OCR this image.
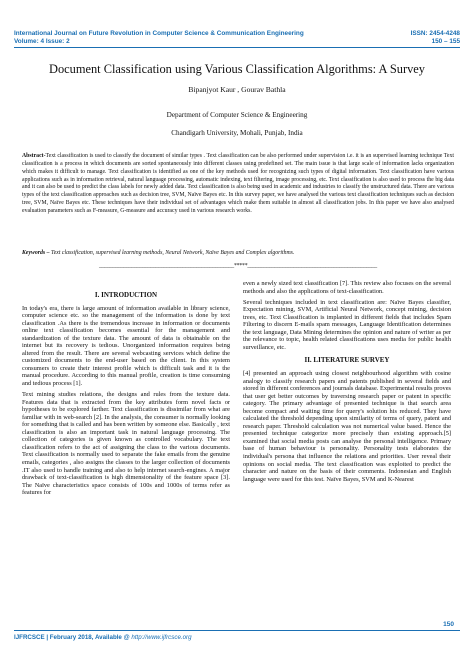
International Journal on Future Revolution in Computer Science & Communication Engineering	ISSN: 2454-4248
Volume: 4 Issue: 2	150 – 155
Document Classification using Various Classification Algorithms: A Survey
Bipanjyot Kaur , Gourav Bathla
Department of Computer Science & Engineering
Chandigarh University, Mohali, Punjab, India
Abstract-Text classification is used to classify the document of similar types . Text classification can be also performed under supervision i.e. it is an supervised learning technique Text classification is a process in which documents are sorted spontaneously into different classes using predefined set. The main issue is that large scale of information lacks organization which makes it difficult to manage. Text classification is identified as one of the key methods used for recognizing such types of digital information. Text classification have various applications such as in information retrieval, natural language processing, automatic indexing, text filtering, image processing, etc. Text classification is also used to process the big data and it can also be used to predict the class labels for newly added data. Text classification is also being used in academic and industries to classify the unstructured data. There are various types of the text classification approaches such as decision tree, SVM, Naïve Bayes etc. In this survey paper, we have analysed the various text classification techniques such as decision tree, SVM, Naïve Bayes etc. These techniques have their individual set of advantages which make them suitable in almost all classification jobs. In this paper we have also analysed evaluation parameters such as F-measure, G-measure and accuracy used in various research works.
Keywords – Text classification, supervised learning methods, Neural Network, Naïve Bayes and Complex algorithms.
__________________________________________________*****________________________________________________
I. INTRODUCTION

In today's era, there is large amount of information available in library science, computer science etc. so the management of the information is done by text classification .As there is the tremendous increase in information or documents online text classification becomes essential for the management and standardization of the texture data. The amount of data is obtainable on the internet but its recovery is tedious. Unorganized information requires being altered from the result. There are several webcasting services which define the customized documents to the end-user based on the client. In this system consumers to create their interest profile which is difficult task and it is the manual procedure. According to this manual profile, creation is time consuming and tedious process [1].

Text mining studies relations, the designs and rules from the texture data. Features data that is extracted from the key attributes form novel facts or hypotheses to be explored farther. Text classification is dissimilar from what are familiar with in web-search [2]. In the analysis, the consumer is normally looking for something that is called and has been written by someone else. Basically , text classification is also an important task in natural language processing. The collection of categories is given known as controlled vocabulary. The text classification refers to the act of assigning the class to the various documents. Text classification is normally used to separate the fake emails from the genuine emails, categories , also assigns the classes to the larger collection of documents .IT also used to handle training and also to help internet search-engines. A major drawback of text-classification is high dimensionality of the feature space [3]. The Naïve characteristics space consists of 100s and 1000s of terms refer as features for

even a newly sized text classification [7]. This review also focuses on the several methods and also the applications of text-classification.

Several techniques included in text classification are: Naïve Bayes classifier, Expectation mining, SVM, Artificial Neural Network, concept mining, decision trees, etc. Text Classification is implanted in different fields that includes Spam Filtering to discern E-mails spam messages, Language Identification determines the text language, Data Mining determines the opinion and nature of writer as per the relevance to topic, health related classifications uses media for public health surveillance, etc.

II. LITERATURE SURVEY

[4] presented an approach using closest neighbourhood algorithm with cosine analogy to classify research papers and patents published in several fields and stored in different conferences and journals database. Experimental results proves that user get better outcomes by traversing research paper or patent in specific category. The primary advantage of presented technique is that search area become compact and waiting time for query's solution his reduced. They have calculated the threshold depending upon similarity of terms of query, patent and research paper. Threshold calculation was not numerical value based. Hence the presented technique categorize more precisely than existing approach.[5] examined that social media posts can analyse the personal intelligence. Primary base of human behaviour is personality. Personality tests elaborates the individual's persona that influence the relations and priorities. User reveal their opinions on social media. The text classification was exploited to predict the character and nature on the basis of their comments. Indonesian and English language were used for this test. Naïve Bayes, SVM and K-Nearest

150
IJFRCSCE | February 2018, Available @ http://www.ijfrcsce.org
